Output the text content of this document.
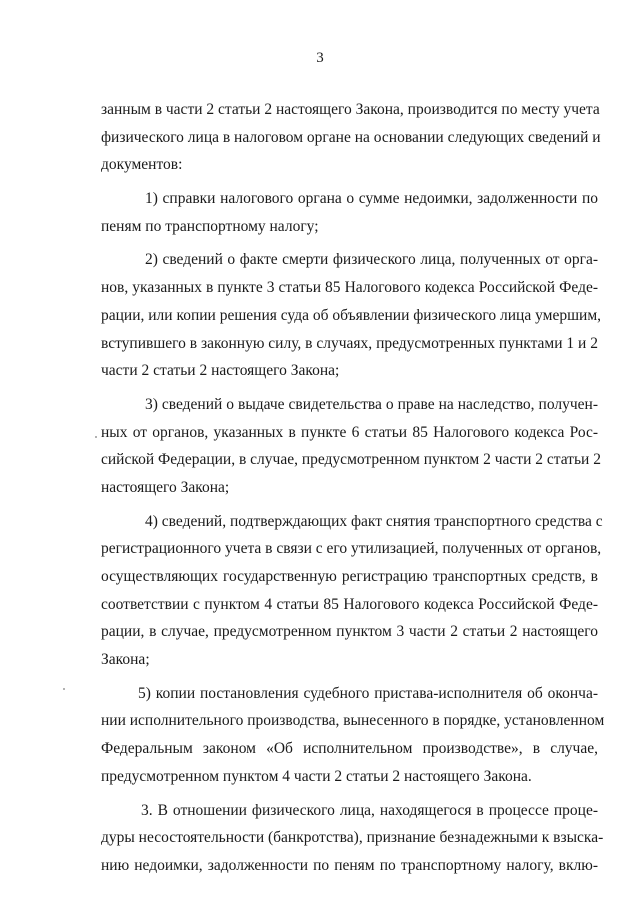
3
занным в части 2 статьи 2 настоящего Закона, производится по месту учета
физического лица в налоговом органе на основании следующих сведений и
документов:
1) справки налогового органа о сумме недоимки, задолженности по
пеням по транспортному налогу;
2) сведений о факте смерти физического лица, полученных от орга-
нов, указанных в пункте 3 статьи 85 Налогового кодекса Российской Феде-
рации, или копии решения суда об объявлении физического лица умершим,
вступившего в законную силу, в случаях, предусмотренных пунктами 1 и 2
части 2 статьи 2 настоящего Закона;
3) сведений о выдаче свидетельства о праве на наследство, получен-
ных от органов, указанных в пункте 6 статьи 85 Налогового кодекса Рос-
сийской Федерации, в случае, предусмотренном пунктом 2 части 2 статьи 2
настоящего Закона;
4) сведений, подтверждающих факт снятия транспортного средства с
регистрационного учета в связи с его утилизацией, полученных от органов,
осуществляющих государственную регистрацию транспортных средств, в
соответствии с пунктом 4 статьи 85 Налогового кодекса Российской Феде-
рации, в случае, предусмотренном пунктом 3 части 2 статьи 2 настоящего
Закона;
5) копии постановления судебного пристава-исполнителя об оконча-
нии исполнительного производства, вынесенного в порядке, установленном
Федеральным законом «Об исполнительном производстве», в случае,
предусмотренном пунктом 4 части 2 статьи 2 настоящего Закона.
3. В отношении физического лица, находящегося в процессе проце-
дуры несостоятельности (банкротства), признание безнадежными к взыска-
нию недоимки, задолженности по пеням по транспортному налогу, вклю-
